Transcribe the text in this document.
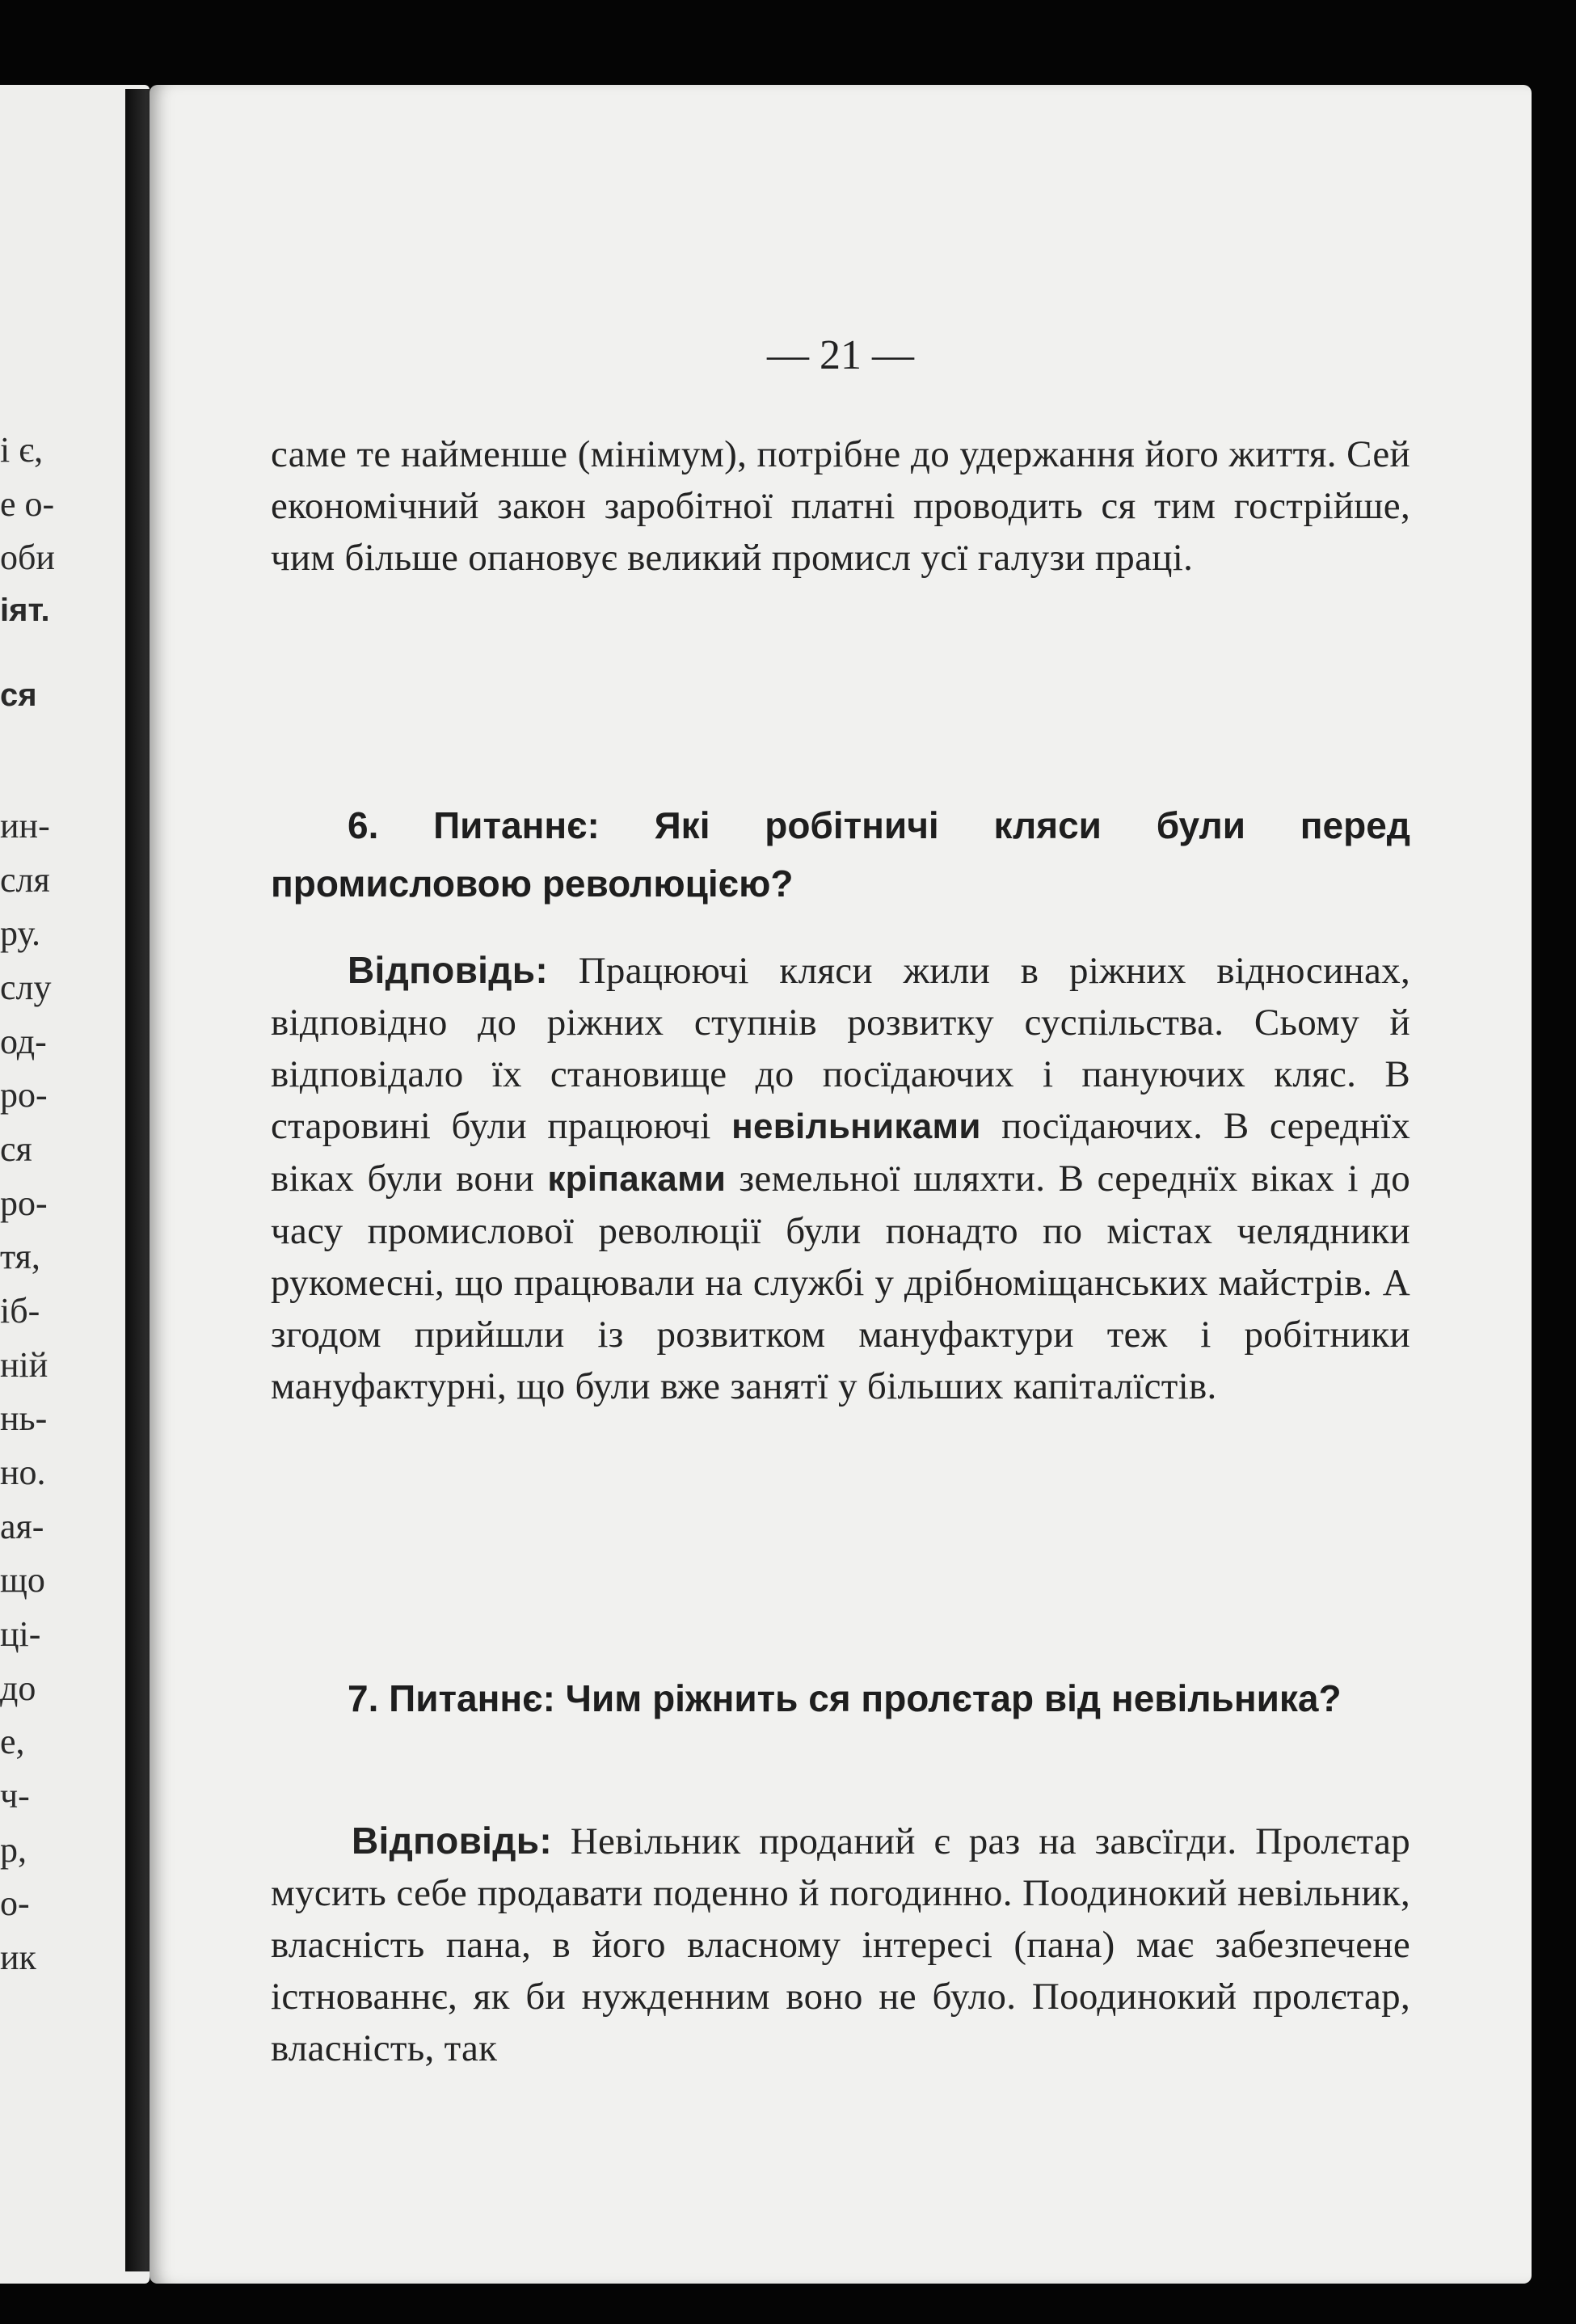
і є,
е о-
оби
іят.
ся
ин-
сля
ру.
слу
од-
ро-
ся
ро-
тя,
іб-
ній
нь-
но.
ая-
що
ці-
до
е,
ч-
р,
о-
ик
— 21 —

саме те найменше (мінімум), потрібне до удержання його життя. Сей економічний закон заробітної платні проводить ся тим гострійше, чим більше опановує великий промисл усї галузи праці.

6. Питаннє: Які робітничі кляси були перед промисловою революцією?

Відповідь: Працюючі кляси жили в ріжних відносинах, відповідно до ріжних ступнів розвитку суспільства. Сьому й відповідало їх становище до посїдаючих і пануючих кляс. В старовині були працюючі невільниками посїдаючих. В середнїх віках були вони кріпаками земельної шляхти. В середнїх віках і до часу промислової революції були понадто по містах челядники рукомесні, що працювали на службі у дрібноміщанських майстрів. А згодом прийшли із розвитком мануфактури теж і робітники мануфактурні, що були вже занятї у більших капіталїстів.

7. Питаннє: Чим ріжнить ся пролєтар від невільника?

Відповідь: Невільник проданий є раз на завсїгди. Пролєтар мусить себе продавати поденно й погодинно. Поодинокий невільник, власність пана, в його власному інтересі (пана) має забезпечене істнованнє, як би нужденним воно не було. Поодинокий пролєтар, власність, так
